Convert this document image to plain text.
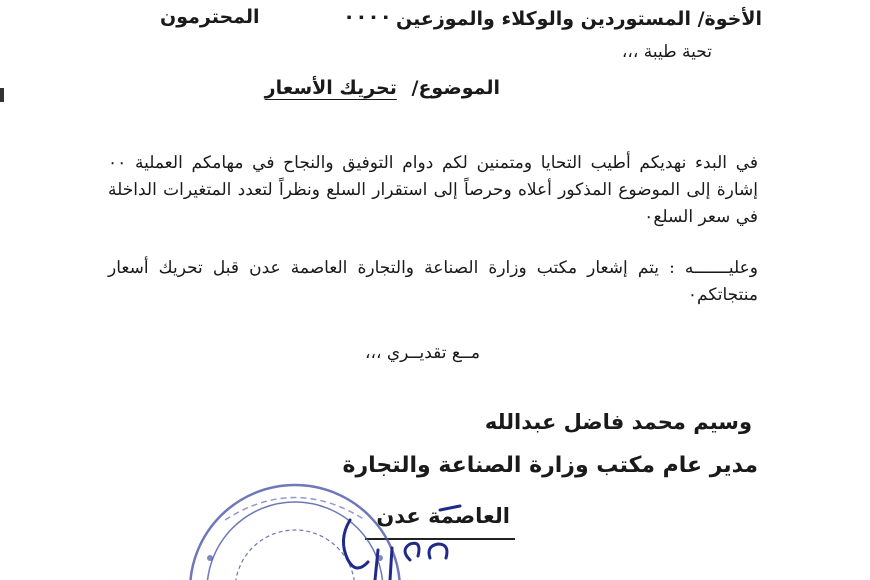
الأخوة/ المستوردين والوكلاء والموزعين
٠٠٠٠
المحترمون
تحية طيبة ،،،
الموضوع/ تحريك الأسعار

في البدء نهديكم أطيب التحايا ومتمنين لكم دوام التوفيق والنجاح في مهامكم العملية ٠٠ إشارة إلى الموضوع المذكور أعلاه وحرصاً إلى استقرار السلع ونظراً لتعدد المتغيرات الداخلة في سعر السلع٠

وعليـــــــه : يتم إشعار مكتب وزارة الصناعة والتجارة العاصمة عدن قبل تحريك أسعار منتجاتكم٠

مــع تقديــري ،،،
وسيم محمد فاضل عبدالله
مدير عام مكتب وزارة الصناعة والتجارة
العاصمة عدن
